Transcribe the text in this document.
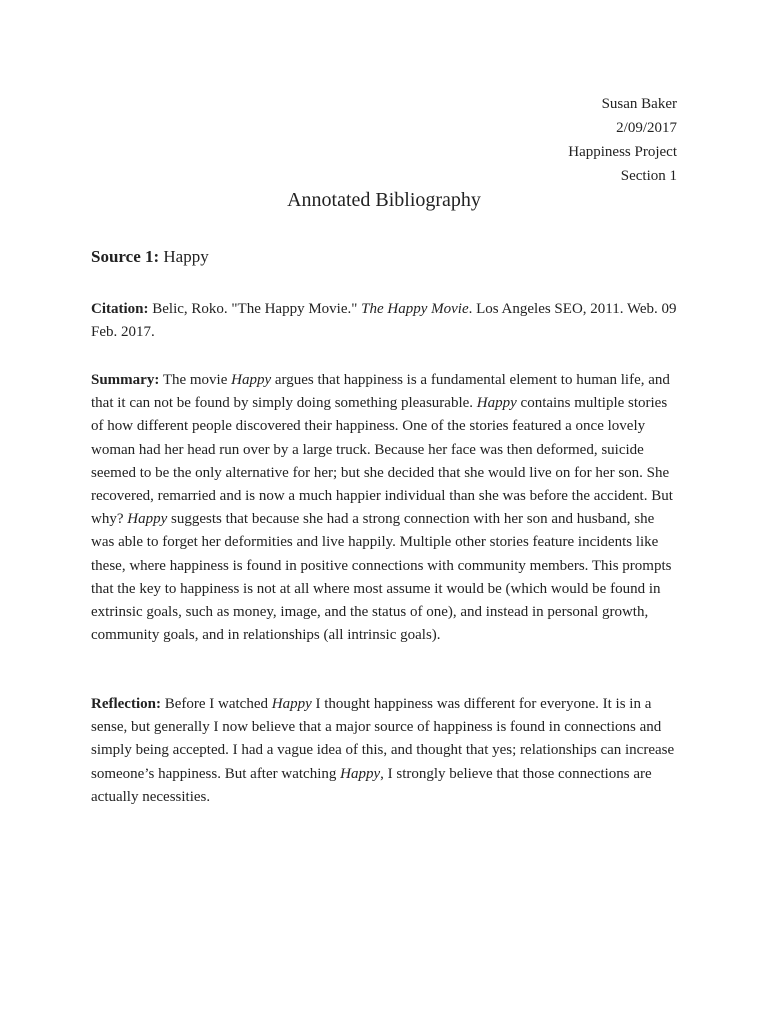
Susan Baker
2/09/2017
Happiness Project
Section 1
Annotated Bibliography
Source 1: Happy
Citation: Belic, Roko. "The Happy Movie." The Happy Movie. Los Angeles SEO, 2011. Web. 09 Feb. 2017.
Summary: The movie Happy argues that happiness is a fundamental element to human life, and that it can not be found by simply doing something pleasurable. Happy contains multiple stories of how different people discovered their happiness. One of the stories featured a once lovely woman had her head run over by a large truck. Because her face was then deformed, suicide seemed to be the only alternative for her; but she decided that she would live on for her son. She recovered, remarried and is now a much happier individual than she was before the accident. But why? Happy suggests that because she had a strong connection with her son and husband, she was able to forget her deformities and live happily. Multiple other stories feature incidents like these, where happiness is found in positive connections with community members. This prompts that the key to happiness is not at all where most assume it would be (which would be found in extrinsic goals, such as money, image, and the status of one), and instead in personal growth, community goals, and in relationships (all intrinsic goals).
Reflection: Before I watched Happy I thought happiness was different for everyone. It is in a sense, but generally I now believe that a major source of happiness is found in connections and simply being accepted. I had a vague idea of this, and thought that yes; relationships can increase someone’s happiness. But after watching Happy, I strongly believe that those connections are actually necessities.
